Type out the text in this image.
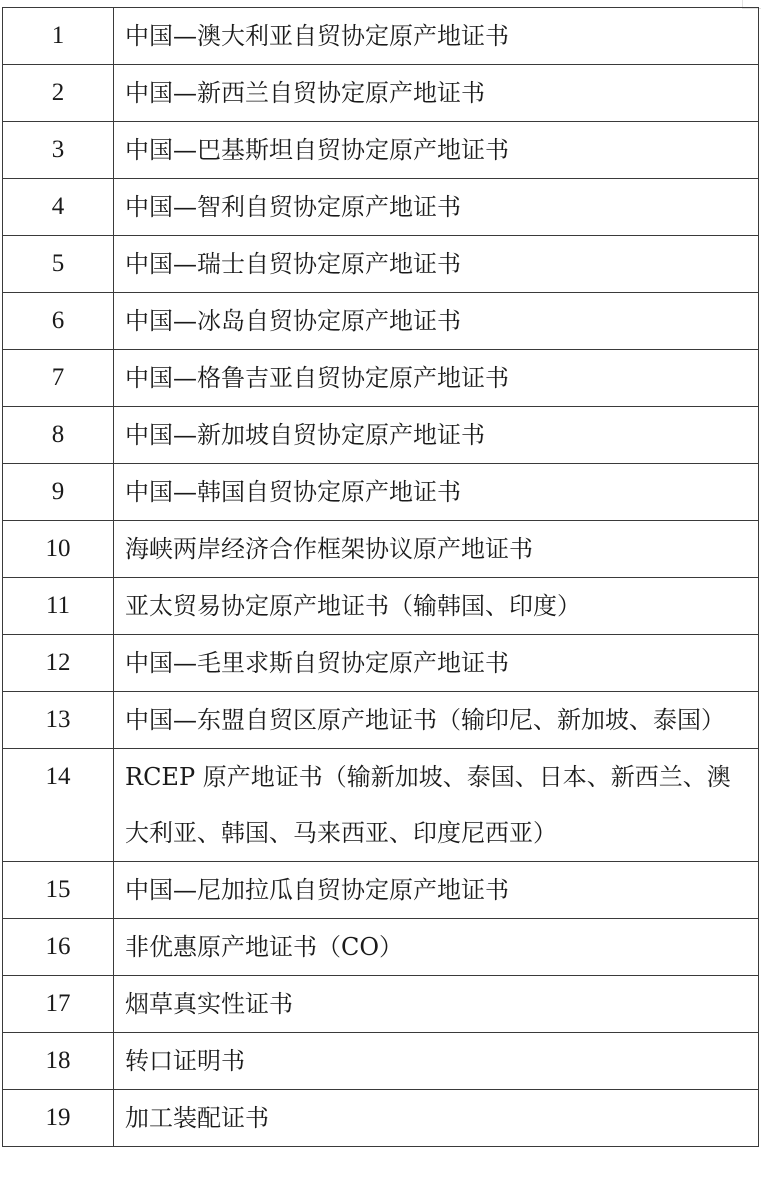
1	中国—澳大利亚自贸协定原产地证书
2	中国—新西兰自贸协定原产地证书
3	中国—巴基斯坦自贸协定原产地证书
4	中国—智利自贸协定原产地证书
5	中国—瑞士自贸协定原产地证书
6	中国—冰岛自贸协定原产地证书
7	中国—格鲁吉亚自贸协定原产地证书
8	中国—新加坡自贸协定原产地证书
9	中国—韩国自贸协定原产地证书
10	海峡两岸经济合作框架协议原产地证书
11	亚太贸易协定原产地证书（输韩国、印度）
12	中国—毛里求斯自贸协定原产地证书
13	中国—东盟自贸区原产地证书（输印尼、新加坡、泰国）
14	RCEP 原产地证书（输新加坡、泰国、日本、新西兰、澳大利亚、韩国、马来西亚、印度尼西亚）
15	中国—尼加拉瓜自贸协定原产地证书
16	非优惠原产地证书（CO）
17	烟草真实性证书
18	转口证明书
19	加工装配证书
